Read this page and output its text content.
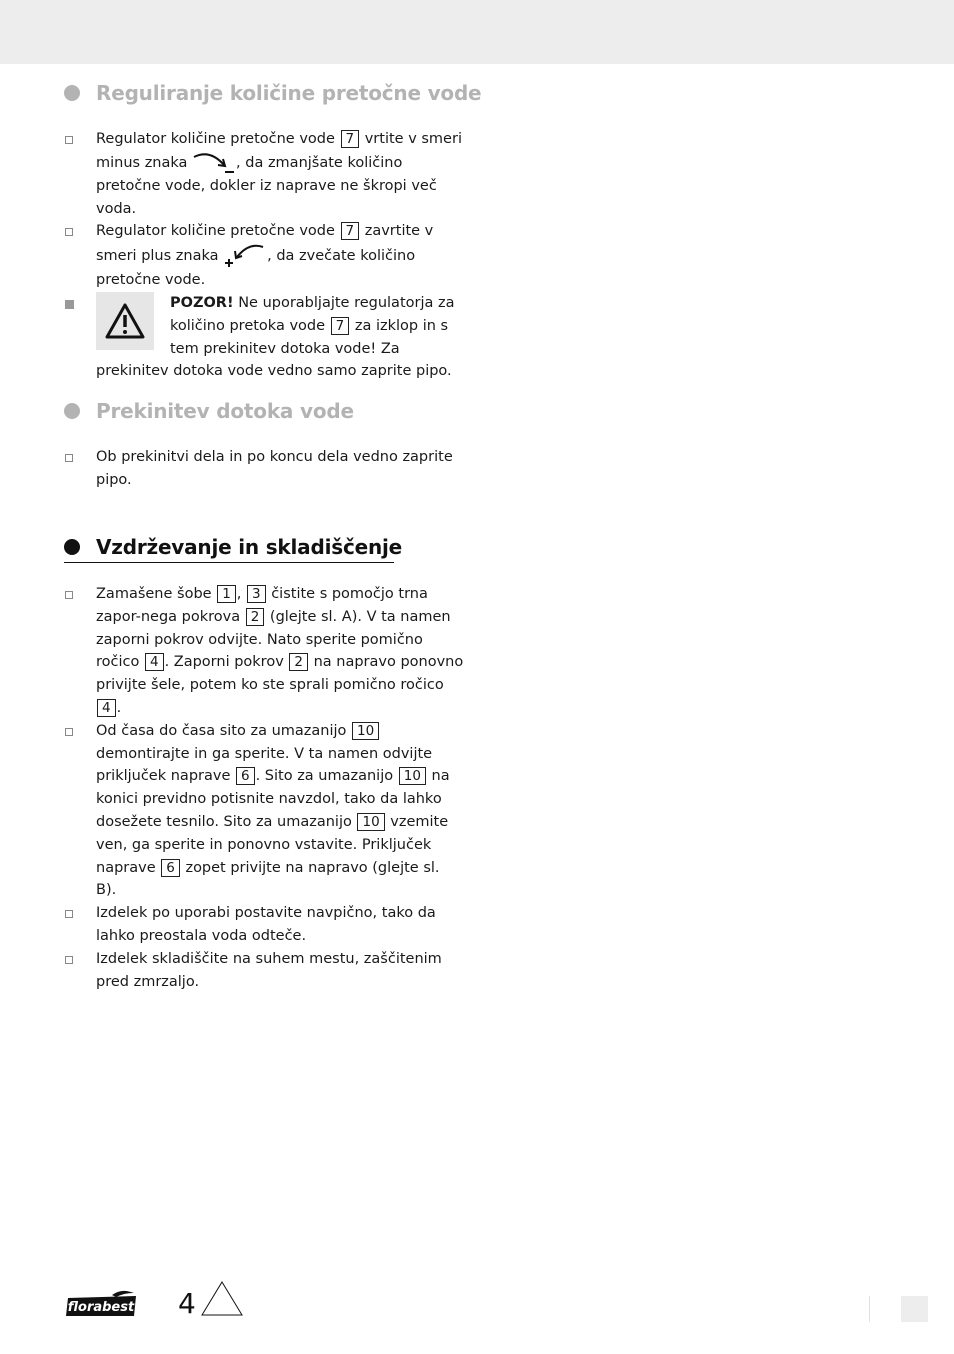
Reguliranje količine pretočne vode
Regulator količine pretočne vode 7 vrtite v smeri minus znaka	, da zmanjšate količino pretočne vode, dokler iz naprave ne škropi več voda.
Regulator količine pretočne vode 7 zavrtite v smeri plus znaka	, da zvečate količino pretočne vode.
POZOR! Ne uporabljajte regulatorja za količino pretoka vode 7 za izklop in s tem prekinitev dotoka vode! Za prekinitev dotoka vode vedno samo zaprite pipo.
Prekinitev dotoka vode
Ob prekinitvi dela in po koncu dela vedno zaprite pipo.
Vzdrževanje in skladiščenje
Zamašene šobe 1 , 3 čistite s pomočjo trna zapor-nega pokrova 2 (glejte sl. A). V ta namen zaporni pokrov odvijte. Nato sperite pomično ročico 4 . Zaporni pokrov 2 na napravo ponovno privijte šele, potem ko ste sprali pomično ročico 4 .
Od časa do časa sito za umazanijo 10 demontirajte in ga sperite. V ta namen odvijte priključek naprave 6 . Sito za umazanijo 10 na konici previdno potisnite navzdol, tako da lahko dosežete tesnilo. Sito za umazanijo 10 vzemite ven, ga sperite in ponovno vstavite. Priključek naprave 6 zopet privijte na napravo (glejte sl. B).
Izdelek po uporabi postavite navpično, tako da lahko preostala voda odteče.
Izdelek skladiščite na suhem mestu, zaščitenim pred zmrzaljo.
florabest 4
